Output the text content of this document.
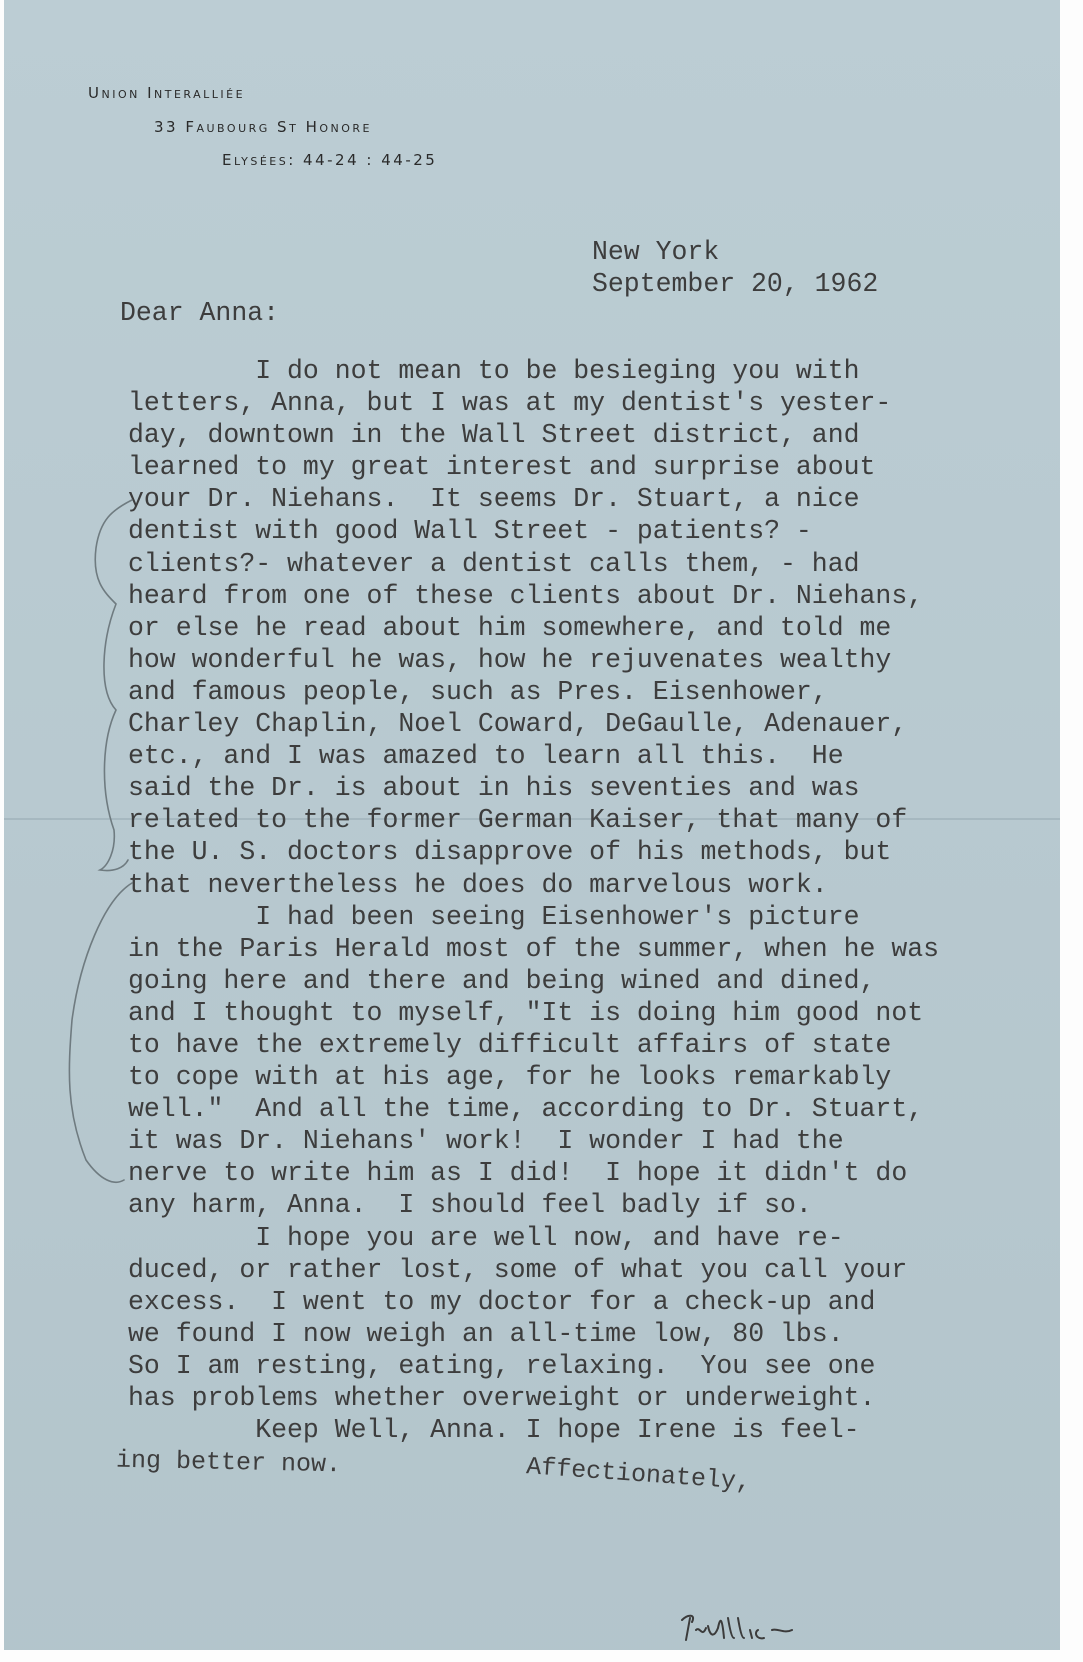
Union Interalliée
33 Faubourg St Honore
Elysées: 44-24 : 44-25
New York
September 20, 1962
Dear Anna:
I do not mean to be besieging you with
letters, Anna, but I was at my dentist's yester-
day, downtown in the Wall Street district, and
learned to my great interest and surprise about
your Dr. Niehans.  It seems Dr. Stuart, a nice
dentist with good Wall Street - patients? -
clients?- whatever a dentist calls them, - had
heard from one of these clients about Dr. Niehans,
or else he read about him somewhere, and told me
how wonderful he was, how he rejuvenates wealthy
and famous people, such as Pres. Eisenhower,
Charley Chaplin, Noel Coward, DeGaulle, Adenauer,
etc., and I was amazed to learn all this.  He
said the Dr. is about in his seventies and was
related to the former German Kaiser, that many of
the U. S. doctors disapprove of his methods, but
that nevertheless he does do marvelous work.
I had been seeing Eisenhower's picture
in the Paris Herald most of the summer, when he was
going here and there and being wined and dined,
and I thought to myself, "It is doing him good not
to have the extremely difficult affairs of state
to cope with at his age, for he looks remarkably
well."  And all the time, according to Dr. Stuart,
it was Dr. Niehans' work!  I wonder I had the
nerve to write him as I did!  I hope it didn't do
any harm, Anna.  I should feel badly if so.
I hope you are well now, and have re-
duced, or rather lost, some of what you call your
excess.  I went to my doctor for a check-up and
we found I now weigh an all-time low, 80 lbs.
So I am resting, eating, relaxing.  You see one
has problems whether overweight or underweight.
Keep Well, Anna. I hope Irene is feel-
ing better now.	Affectionately,
